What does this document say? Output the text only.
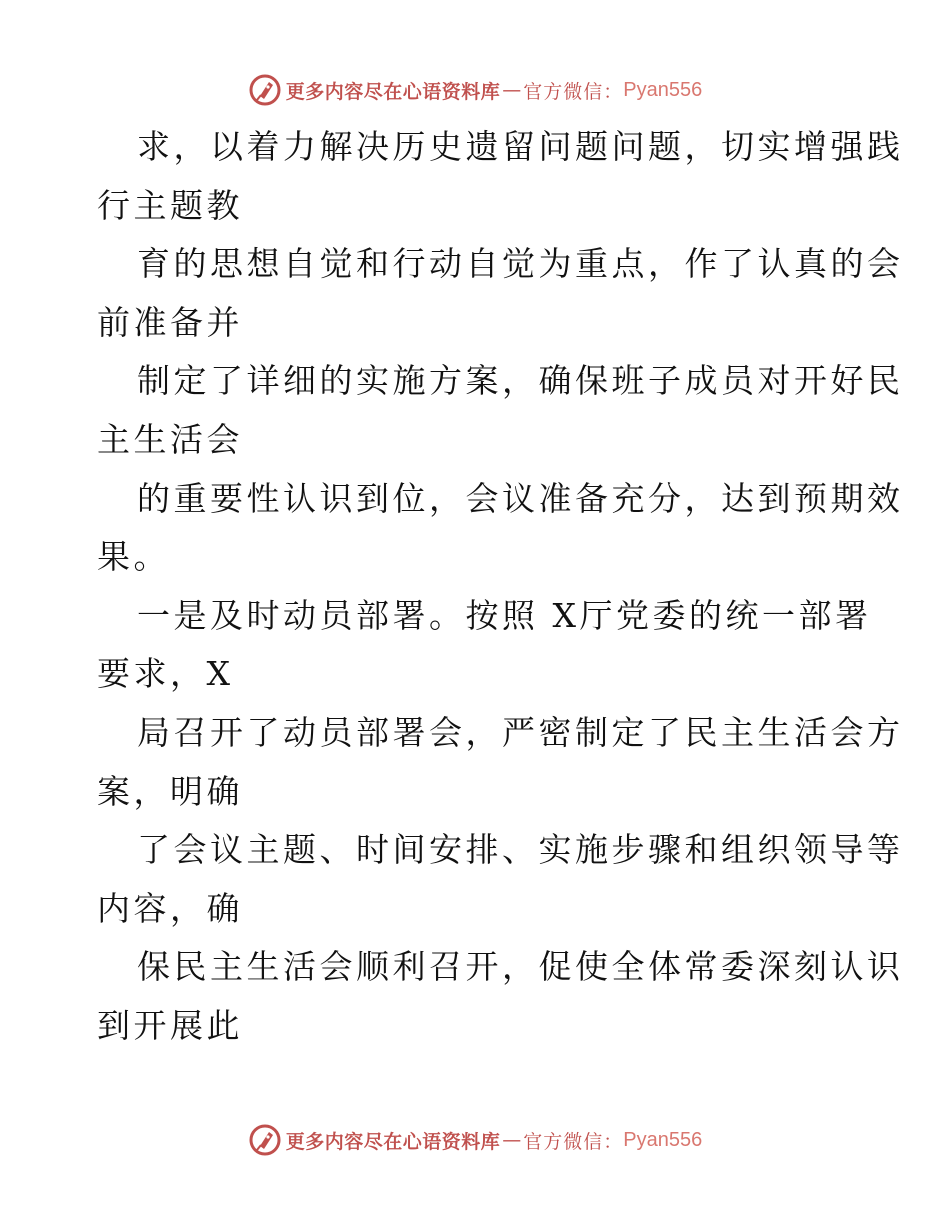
更多内容尽在心语资料库 — 官方微信： Pyan556
求，以着力解决历史遗留问题问题，切实增强践
行主题教
育的思想自觉和行动自觉为重点，作了认真的会
前准备并
制定了详细的实施方案，确保班子成员对开好民
主生活会
的重要性认识到位，会议准备充分，达到预期效
果。
一是及时动员部署。按照 X厅党委的统一部署
要求，X
局召开了动员部署会，严密制定了民主生活会方
案，明确
了会议主题、时间安排、实施步骤和组织领导等
内容，确
保民主生活会顺利召开，促使全体常委深刻认识
到开展此
更多内容尽在心语资料库 — 官方微信： Pyan556
